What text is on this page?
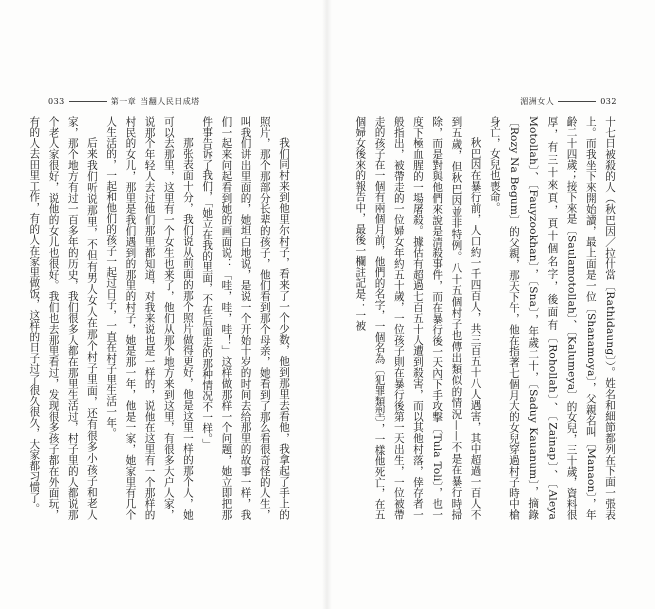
033	第一章 当翻人民日成塔

我们同村来到他里尔村子，看来了一个少数，他到那里去看他，我拿起了手上的照片，那个那部分长辈的孩子，他们看到那个母亲，她看到了那么看很奇怪的人生，叫我们讲出里面的，她坦白地说，是说一个开始十岁的时间去给那里的故事一样，我们一起来问起看到她的画面说：「哇，哇，哇！」这样做那样一个问题，她立即把那件事告诉了我们，「她立在我的里面，不在后面走的那种情况不一样。」

那张表面十分，我们说从前面的那个照片做得更好，他是这里一样的那个人，她可以去那里，这里有一个女生也来了，他们从那个地方来到这里，有很多大户人家，说那个年轻人去过他们那里都知道，对我来说也是一样的，说他在这里有一个那样的村民的女儿，那里是我们遇到的那里的村子，她是那一年，他是一家，她家里有几个人生活的，一起和他们的孩子一起过日子，一直在村子里生活一年。

后来我们听说那里，不但有男人女人在那个村子里面，还有很多小孩子和老人家，那个地方有过一百多年的历史，我们很多人都在那里生活过，村子里的人都说那个老人家很好，说他的女儿也很好。我们也去那里看过，发现很多孩子都在外面玩，有的人去田里工作，有的人在家里做饭，这样的日子过了很久很久，大家都习惯了。

湄洲女人	032

十七日被殺的人（秋巴因／拉什當〔Rathidaung〕）。姓名和細節都列在下面一張表上。而我坐下來開始讀，最上面是一位〔Shanamoya〕，父親名叫〔Manaon〕，年齡二十四歲；接下來是〔Saulamotollah〕、〔Kalumeya〕的女兒，三十歲，資料很厚，有三十來頁，頁十個名字，後面有〔Rohollah〕、〔Zainap〕、〔Aleya Motollah〕、〔Fauyzookhan〕，〔Sna〕，年歲二十，〔Saduy Kauanum〕，摘錄〔Rozy Na Begum〕的父親，那天下午，他在指著七個月大的女兒穿過村子時中槍身亡，女兒也喪命。

秋巴因在暴行前，人口約一千四百人，共三百五十八人遇害，其中超過一百人不到五歲，但秋巴因並非特例。八十五個村子也傳出類似的情況——不是在暴行時掃除，而是對與他們來說是清殺事件，而在暴行後一天內下手攻擊〔Tula Toli〕，也一度下極血腥的一場屠殺。據估有超過七百五十人遭到殺害，而以其他村落，倖存者一般指出，被帶走的一位婦女年約五十歲，一位孩子則在暴行後第一天出生，一位被帶走的孩子在一個有兩個月前，他們的名字，一個名為〔犯罪類型〕，一樣他死亡，在五個婦女後來的報告中，最後一欄註記是：一被
